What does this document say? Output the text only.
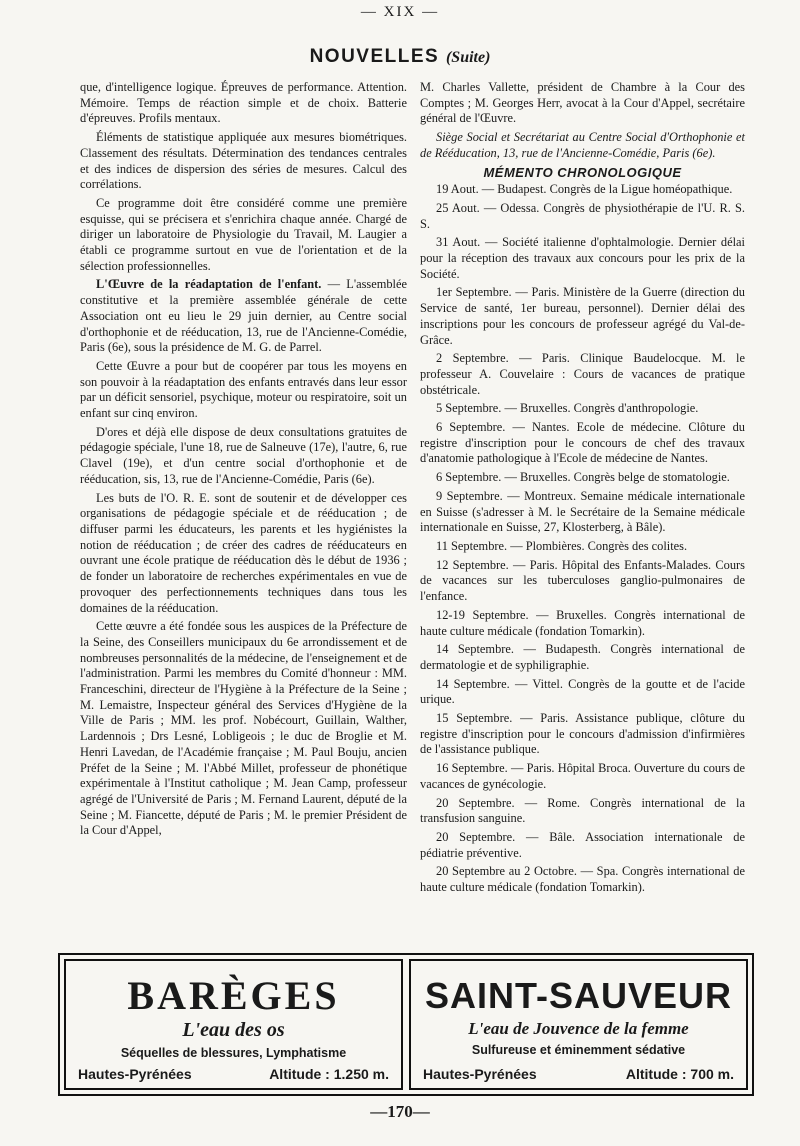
— XIX —
NOUVELLES (Suite)

que, d'intelligence logique. Épreuves de performance. Attention. Mémoire. Temps de réaction simple et de choix. Batterie d'épreuves. Profils mentaux.

Éléments de statistique appliquée aux mesures biométriques. Classement des résultats. Détermination des tendances centrales et des indices de dispersion des séries de mesures. Calcul des corrélations.

Ce programme doit être considéré comme une première esquisse, qui se précisera et s'enrichira chaque année. Chargé de diriger un laboratoire de Physiologie du Travail, M. Laugier a établi ce programme surtout en vue de l'orientation et de la sélection professionnelles.

L'Œuvre de la réadaptation de l'enfant. — L'assemblée constitutive et la première assemblée générale de cette Association ont eu lieu le 29 juin dernier, au Centre social d'orthophonie et de rééducation, 13, rue de l'Ancienne-Comédie, Paris (6e), sous la présidence de M. G. de Parrel.

Cette Œuvre a pour but de coopérer par tous les moyens en son pouvoir à la réadaptation des enfants entravés dans leur essor par un déficit sensoriel, psychique, moteur ou respiratoire, soit un enfant sur cinq environ.

D'ores et déjà elle dispose de deux consultations gratuites de pédagogie spéciale, l'une 18, rue de Salneuve (17e), l'autre, 6, rue Clavel (19e), et d'un centre social d'orthophonie et de rééducation, sis, 13, rue de l'Ancienne-Comédie, Paris (6e).

Les buts de l'O. R. E. sont de soutenir et de développer ces organisations de pédagogie spéciale et de rééducation ; de diffuser parmi les éducateurs, les parents et les hygiénistes la notion de rééducation ; de créer des cadres de rééducateurs en ouvrant une école pratique de rééducation dès le début de 1936 ; de fonder un laboratoire de recherches expérimentales en vue de provoquer des perfectionnements techniques dans tous les domaines de la rééducation.

Cette œuvre a été fondée sous les auspices de la Préfecture de la Seine, des Conseillers municipaux du 6e arrondissement et de nombreuses personnalités de la médecine, de l'enseignement et de l'administration. Parmi les membres du Comité d'honneur : MM. Franceschini, directeur de l'Hygiène à la Préfecture de la Seine ; M. Lemaistre, Inspecteur général des Services d'Hygiène de la Ville de Paris ; MM. les prof. Nobécourt, Guillain, Walther, Lardennois ; Drs Lesné, Lobligeois ; le duc de Broglie et M. Henri Lavedan, de l'Académie française ; M. Paul Bouju, ancien Préfet de la Seine ; M. l'Abbé Millet, professeur de phonétique expérimentale à l'Institut catholique ; M. Jean Camp, professeur agrégé de l'Université de Paris ; M. Fernand Laurent, député de la Seine ; M. Fiancette, député de Paris ; M. le premier Président de la Cour d'Appel,

M. Charles Vallette, président de Chambre à la Cour des Comptes ; M. Georges Herr, avocat à la Cour d'Appel, secrétaire général de l'Œuvre.

Siège Social et Secrétariat au Centre Social d'Orthophonie et de Rééducation, 13, rue de l'Ancienne-Comédie, Paris (6e).

MÉMENTO CHRONOLOGIQUE

19 Aout. — Budapest. Congrès de la Ligue homéopathique.

25 Aout. — Odessa. Congrès de physiothérapie de l'U. R. S. S.

31 Aout. — Société italienne d'ophtalmologie. Dernier délai pour la réception des travaux aux concours pour les prix de la Société.

1er Septembre. — Paris. Ministère de la Guerre (direction du Service de santé, 1er bureau, personnel). Dernier délai des inscriptions pour les concours de professeur agrégé du Val-de-Grâce.

2 Septembre. — Paris. Clinique Baudelocque. M. le professeur A. Couvelaire : Cours de vacances de pratique obstétricale.

5 Septembre. — Bruxelles. Congrès d'anthropologie.

6 Septembre. — Nantes. Ecole de médecine. Clôture du registre d'inscription pour le concours de chef des travaux d'anatomie pathologique à l'Ecole de médecine de Nantes.

6 Septembre. — Bruxelles. Congrès belge de stomatologie.

9 Septembre. — Montreux. Semaine médicale internationale en Suisse (s'adresser à M. le Secrétaire de la Semaine médicale internationale en Suisse, 27, Klosterberg, à Bâle).

11 Septembre. — Plombières. Congrès des colites.

12 Septembre. — Paris. Hôpital des Enfants-Malades. Cours de vacances sur les tuberculoses ganglio-pulmonaires de l'enfance.

12-19 Septembre. — Bruxelles. Congrès international de haute culture médicale (fondation Tomarkin).

14 Septembre. — Budapesth. Congrès international de dermatologie et de syphiligraphie.

14 Septembre. — Vittel. Congrès de la goutte et de l'acide urique.

15 Septembre. — Paris. Assistance publique, clôture du registre d'inscription pour le concours d'admission d'infirmières de l'assistance publique.

16 Septembre. — Paris. Hôpital Broca. Ouverture du cours de vacances de gynécologie.

20 Septembre. — Rome. Congrès international de la transfusion sanguine.

20 Septembre. — Bâle. Association internationale de pédiatrie préventive.

20 Septembre au 2 Octobre. — Spa. Congrès international de haute culture médicale (fondation Tomarkin).

BARÈGES
L'eau des os
Séquelles de blessures, Lymphatisme
Hautes-Pyrénées	Altitude : 1.250 m.
SAINT-SAUVEUR
L'eau de Jouvence de la femme
Sulfureuse et éminemment sédative
Hautes-Pyrénées	Altitude : 700 m.
—170—
